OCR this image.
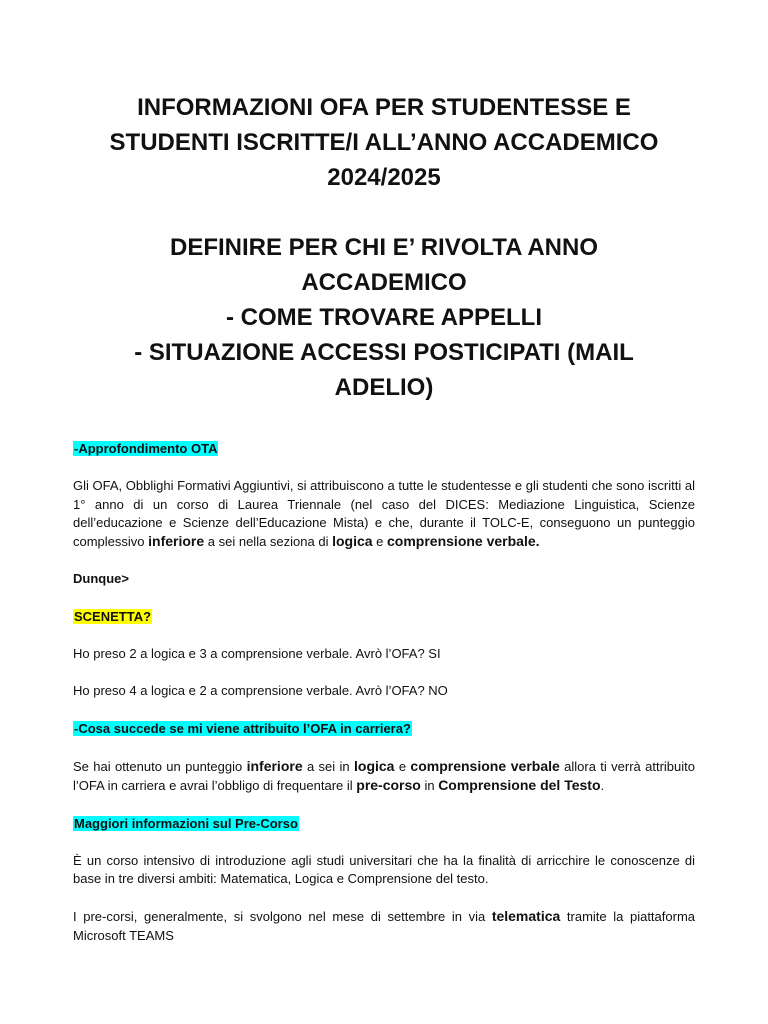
INFORMAZIONI OFA PER STUDENTESSE E
STUDENTI ISCRITTE/I ALL’ANNO ACCADEMICO
2024/2025
DEFINIRE PER CHI E’ RIVOLTA ANNO
ACCADEMICO
- COME TROVARE APPELLI
- SITUAZIONE ACCESSI POSTICIPATI (MAIL
ADELIO)
-Approfondimento OTA

Gli OFA, Obblighi Formativi Aggiuntivi, si attribuiscono a tutte le studentesse e gli studenti che sono iscritti al 1° anno di un corso di Laurea Triennale (nel caso del DICES: Mediazione Linguistica, Scienze dell’educazione e Scienze dell’Educazione Mista) e che, durante il TOLC-E, conseguono un punteggio complessivo inferiore a sei nella seziona di logica e comprensione verbale.

Dunque>

SCENETTA?

Ho preso 2 a logica e 3 a comprensione verbale. Avrò l’OFA? SI

Ho preso 4 a logica e 2 a comprensione verbale. Avrò l’OFA? NO

-Cosa succede se mi viene attribuito l’OFA in carriera?

Se hai ottenuto un punteggio inferiore a sei in logica e comprensione verbale allora ti verrà attribuito l’OFA in carriera e avrai l’obbligo di frequentare il pre-corso in Comprensione del Testo.

Maggiori informazioni sul Pre-Corso

È un corso intensivo di introduzione agli studi universitari che ha la finalità di arricchire le conoscenze di base in tre diversi ambiti: Matematica, Logica e Comprensione del testo.

I pre-corsi, generalmente, si svolgono nel mese di settembre in via telematica tramite la piattaforma Microsoft TEAMS
